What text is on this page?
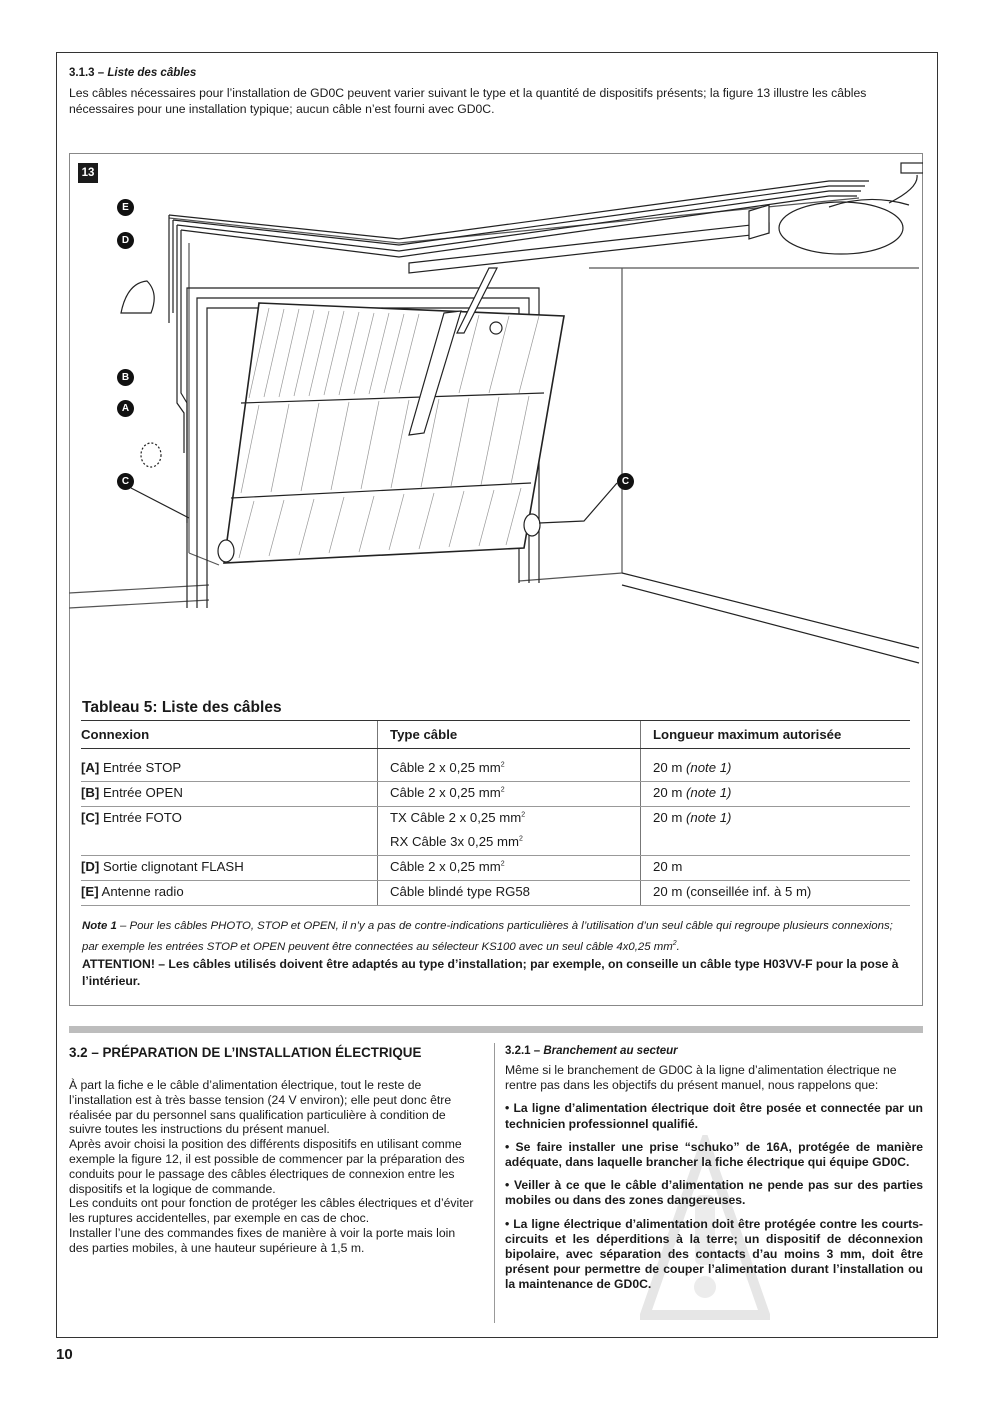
3.1.3 – Liste des câbles
Les câbles nécessaires pour l’installation de GD0C peuvent varier suivant le type et la quantité de dispositifs présents; la figure 13 illustre les câbles nécessaires pour une installation typique; aucun câble n’est fourni avec GD0C.
13
E
D
B
A
C	C
Tableau 5: Liste des câbles
Connexion	Type câble	Longueur maximum autorisée

[A] Entrée STOP	Câble 2 x 0,25 $mm^2$	20 m (note 1)
[B] Entrée OPEN	Câble 2 x 0,25 $mm^2$	20 m (note 1)
[C] Entrée FOTO	TX Câble 2 x 0,25 $mm^2$	20 m (note 1)
	RX Câble 3x 0,25 $mm^2$	
[D] Sortie clignotant FLASH	Câble 2 x 0,25 $mm^2$	20 m
[E] Antenne radio	Câble blindé type RG58	20 m (conseillée inf. à 5 m)
Note 1 – Pour les câbles PHOTO, STOP et OPEN, il n’y a pas de contre-indications particulières à l’utilisation d’un seul câble qui regroupe plusieurs connexions; par exemple les entrées STOP et OPEN peuvent être connectées au sélecteur KS100 avec un seul câble 4x0,25 $mm^2$.
ATTENTION! – Les câbles utilisés doivent être adaptés au type d’installation; par exemple, on conseille un câble type H03VV-F pour la pose à l’intérieur.
3.2 – PRÉPARATION DE L’INSTALLATION ÉLECTRIQUE

À part la fiche e le câble d’alimentation électrique, tout le reste de l’installation est à très basse tension (24 V environ); elle peut donc être réalisée par du personnel sans qualification particulière à condition de suivre toutes les instructions du présent manuel.

Après avoir choisi la position des différents dispositifs en utilisant comme exemple la figure 12, il est possible de commencer par la préparation des conduits pour le passage des câbles électriques de connexion entre les dispositifs et la logique de commande.

Les conduits ont pour fonction de protéger les câbles électriques et d’éviter les ruptures accidentelles, par exemple en cas de choc.

Installer l’une des commandes fixes de manière à voir la porte mais loin des parties mobiles, à une hauteur supérieure à 1,5 m.

3.2.1 – Branchement au secteur

Même si le branchement de GD0C à la ligne d’alimentation électrique ne rentre pas dans les objectifs du présent manuel, nous rappelons que:

• La ligne d’alimentation électrique doit être posée et connectée par un technicien professionnel qualifié.

• Se faire installer une prise “schuko” de 16A, protégée de manière adéquate, dans laquelle brancher la fiche électrique qui équipe GD0C.

• Veiller à ce que le câble d’alimentation ne pende pas sur des parties mobiles ou dans des zones dangereuses.

• La ligne électrique d’alimentation doit être protégée contre les courts-circuits et les déperditions à la terre; un dispositif de déconnexion bipolaire, avec séparation des contacts d’au moins 3 mm, doit être présent pour permettre de couper l’alimentation durant l’installation ou la maintenance de GD0C.

10
